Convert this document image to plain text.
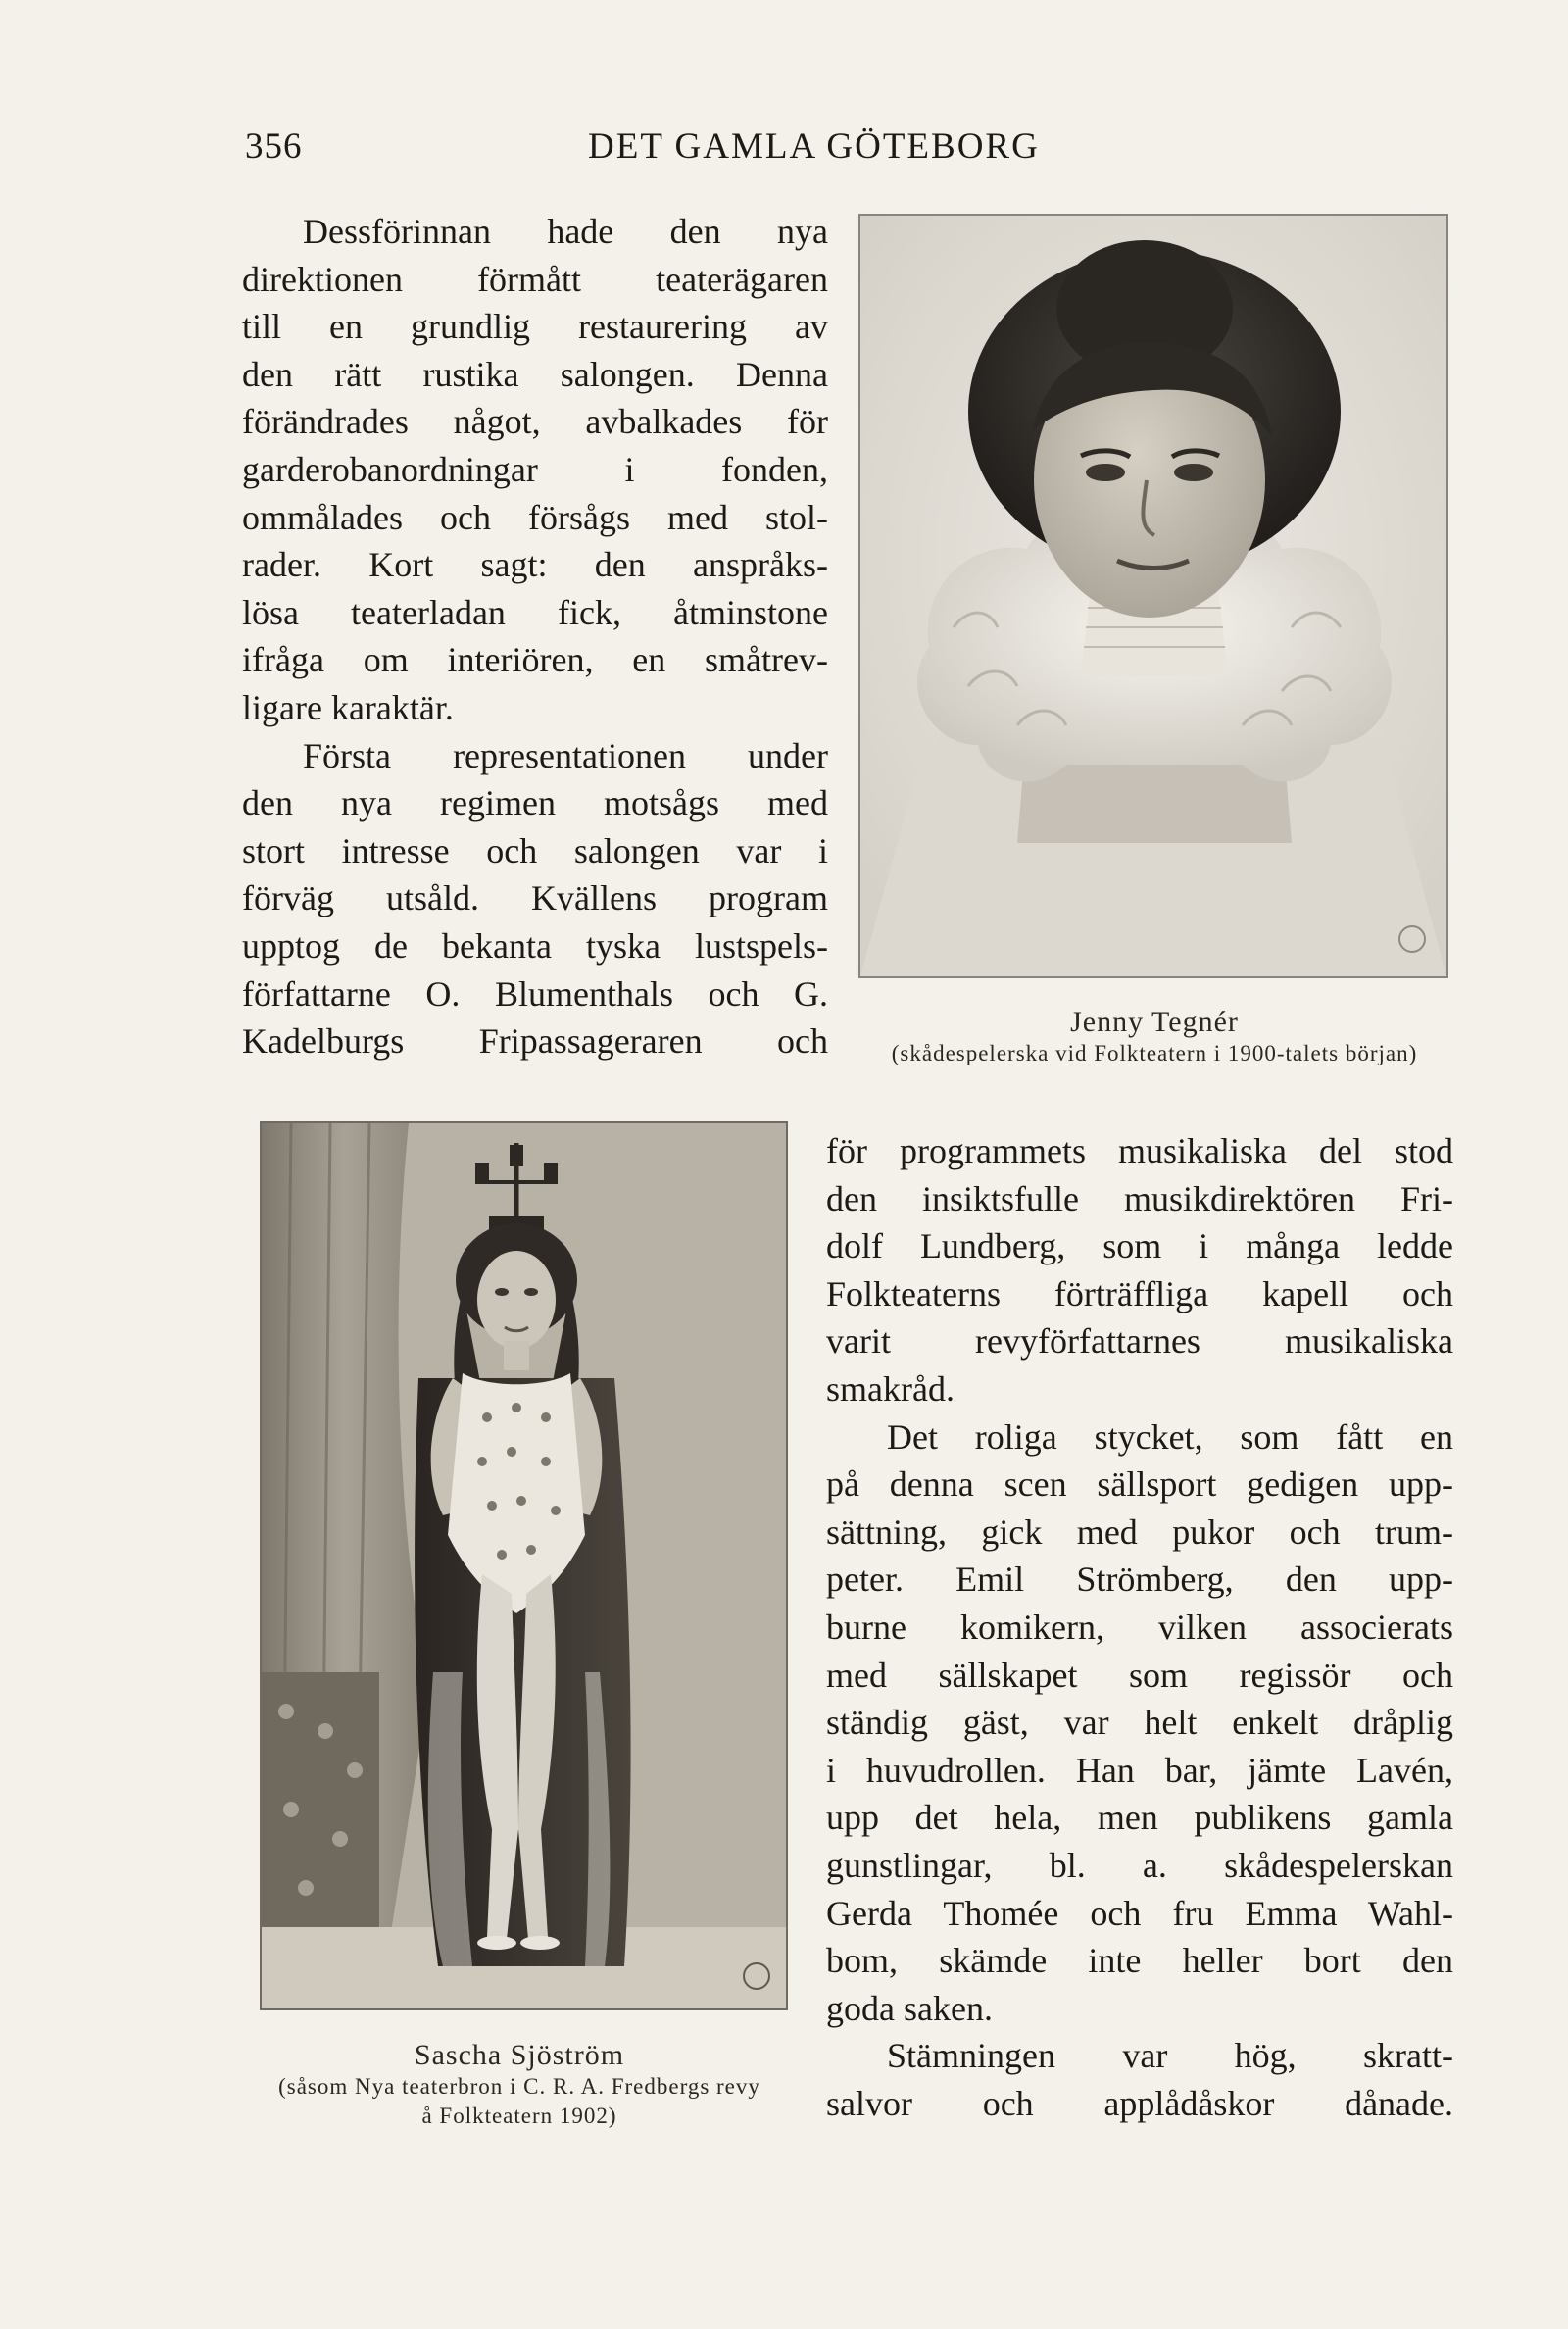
356	DET GAMLA GÖTEBORG
Dessförinnan hade den nya
direktionen förmått teaterägaren
till en grundlig restaurering av
den rätt rustika salongen. Denna
förändrades något, avbalkades för
garderobanordningar i fonden,
ommålades och försågs med stol-
rader. Kort sagt: den anspråks-
lösa teaterladan fick, åtminstone
ifråga om interiören, en småtrev-
ligare karaktär.
Första representationen under
den nya regimen motsågs med
stort intresse och salongen var i
förväg utsåld. Kvällens program
upptog de bekanta tyska lustspels-
författarne O. Blumenthals och G.
Kadelburgs Fripassageraren och	Jenny Tegnér
(skådespelerska vid Folkteatern i 1900-talets början)
Sascha Sjöström
(såsom Nya teaterbron i C. R. A. Fredbergs revy
å Folkteatern 1902)
för programmets musikaliska del stod
den insiktsfulle musikdirektören Fri-
dolf Lundberg, som i många ledde
Folkteaterns förträffliga kapell och
varit revyförfattarnes musikaliska
smakråd.
Det roliga stycket, som fått en
på denna scen sällsport gedigen upp-
sättning, gick med pukor och trum-
peter. Emil Strömberg, den upp-
burne komikern, vilken associerats
med sällskapet som regissör och
ständig gäst, var helt enkelt dråplig
i huvudrollen. Han bar, jämte Lavén,
upp det hela, men publikens gamla
gunstlingar, bl. a. skådespelerskan
Gerda Thomée och fru Emma Wahl-
bom, skämde inte heller bort den
goda saken.
Stämningen var hög, skratt-
salvor och applådåskor dånade.
